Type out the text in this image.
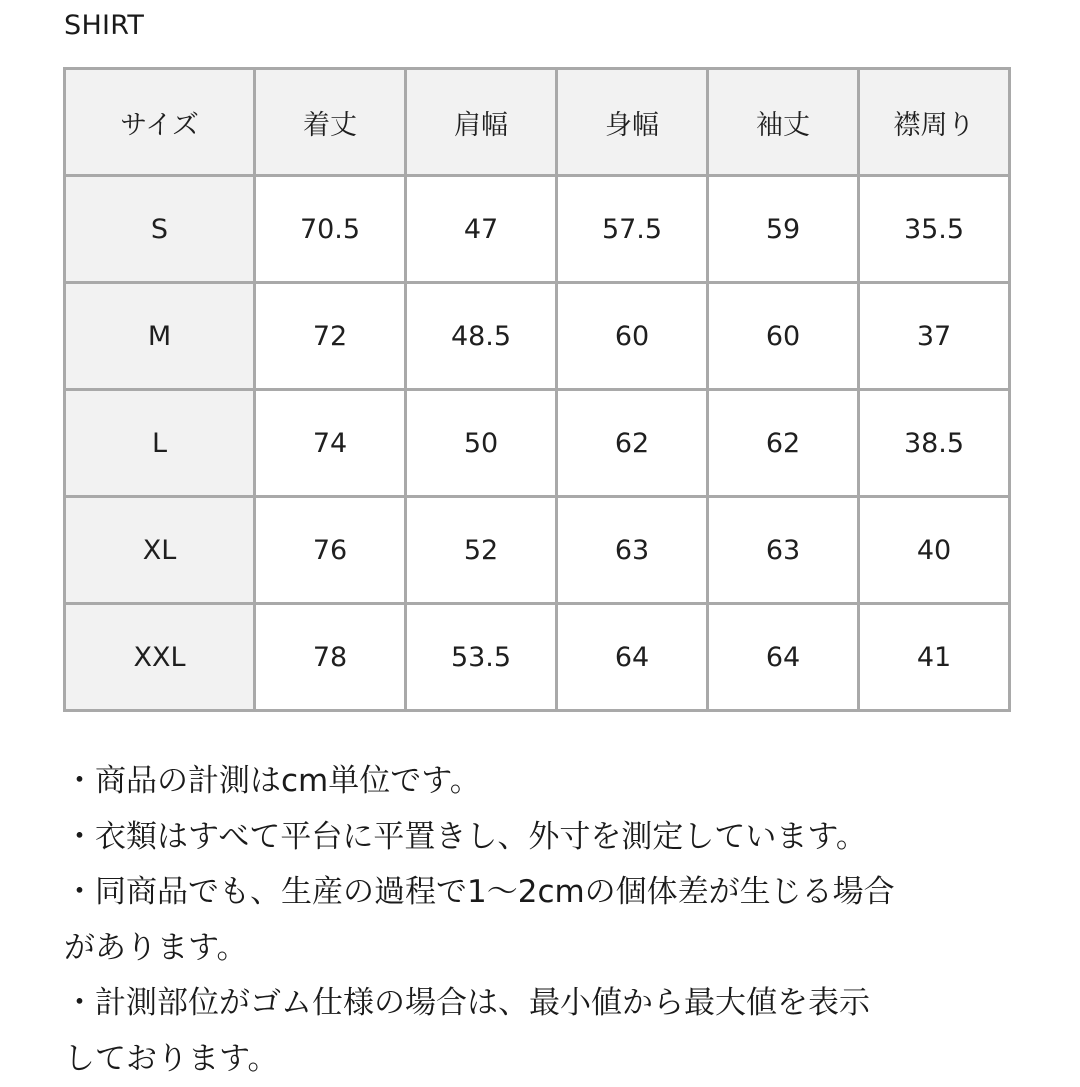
SHIRT
サイズ	着丈	肩幅	身幅	袖丈	襟周り
S	70.5	47	57.5	59	35.5
M	72	48.5	60	60	37
L	74	50	62	62	38.5
XL	76	52	63	63	40
XXL	78	53.5	64	64	41
・商品の計測はcm単位です。
・衣類はすべて平台に平置きし、外寸を測定しています。
・同商品でも、生産の過程で1〜2cmの個体差が生じる場合
があります。
・計測部位がゴム仕様の場合は、最小値から最大値を表示
しております。
